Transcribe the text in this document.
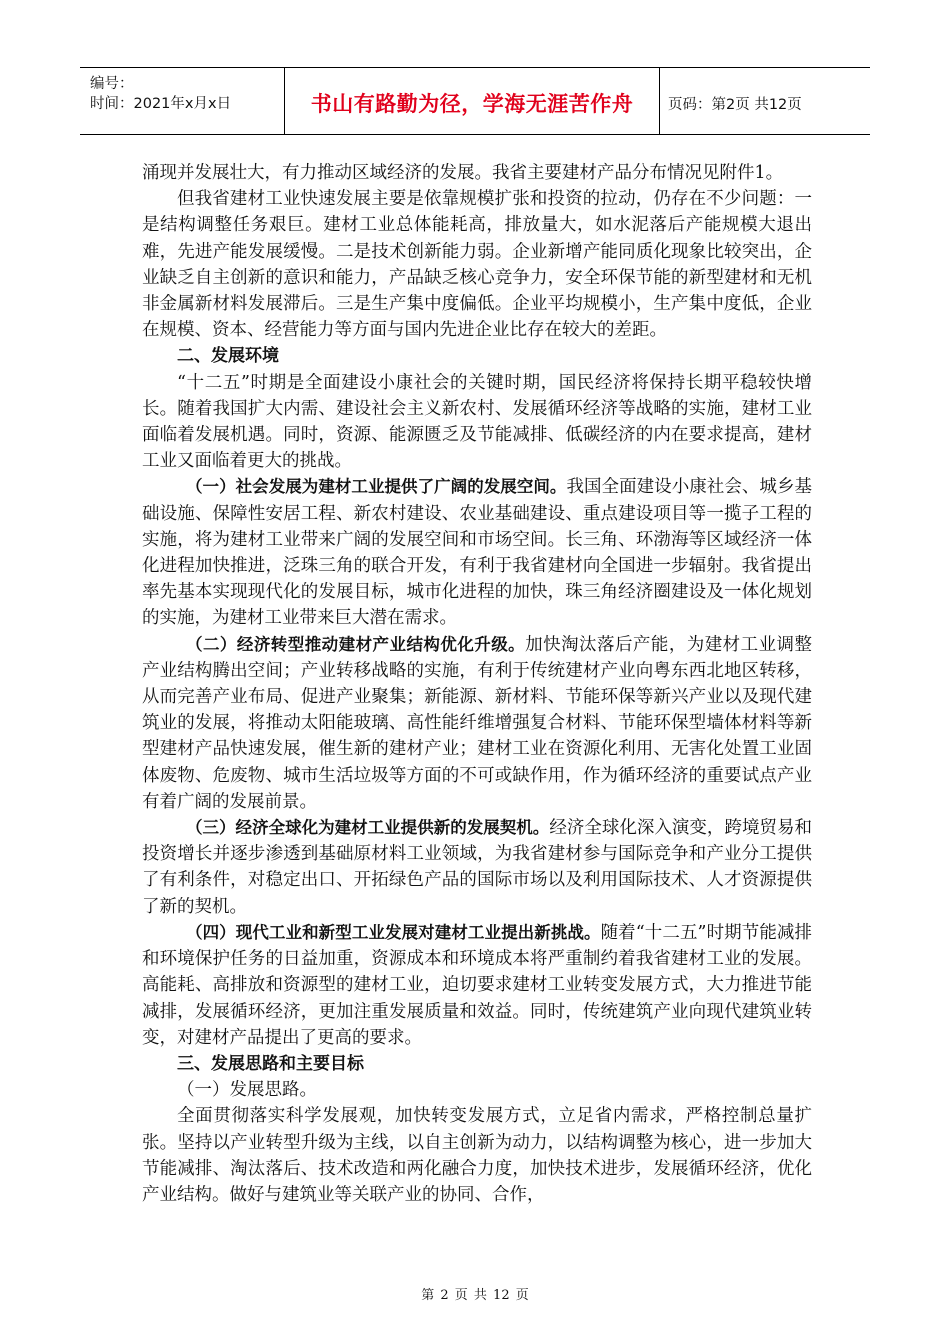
编号：
时间：2021年x月x日	书山有路勤为径，学海无涯苦作舟 页码：第2页 共12页

涌现并发展壮大，有力推动区域经济的发展。我省主要建材产品分布情况见附件1。

但我省建材工业快速发展主要是依靠规模扩张和投资的拉动，仍存在不少问题：一是结构调整任务艰巨。建材工业总体能耗高，排放量大，如水泥落后产能规模大退出难，先进产能发展缓慢。二是技术创新能力弱。企业新增产能同质化现象比较突出，企业缺乏自主创新的意识和能力，产品缺乏核心竞争力，安全环保节能的新型建材和无机非金属新材料发展滞后。三是生产集中度偏低。企业平均规模小，生产集中度低，企业在规模、资本、经营能力等方面与国内先进企业比存在较大的差距。

二、发展环境

“十二五”时期是全面建设小康社会的关键时期，国民经济将保持长期平稳较快增长。随着我国扩大内需、建设社会主义新农村、发展循环经济等战略的实施，建材工业面临着发展机遇。同时，资源、能源匮乏及节能减排、低碳经济的内在要求提高，建材工业又面临着更大的挑战。

（一）社会发展为建材工业提供了广阔的发展空间。我国全面建设小康社会、城乡基础设施、保障性安居工程、新农村建设、农业基础建设、重点建设项目等一揽子工程的实施，将为建材工业带来广阔的发展空间和市场空间。长三角、环渤海等区域经济一体化进程加快推进，泛珠三角的联合开发，有利于我省建材向全国进一步辐射。我省提出率先基本实现现代化的发展目标，城市化进程的加快，珠三角经济圈建设及一体化规划的实施，为建材工业带来巨大潜在需求。

（二）经济转型推动建材产业结构优化升级。加快淘汰落后产能，为建材工业调整产业结构腾出空间；产业转移战略的实施，有利于传统建材产业向粤东西北地区转移，从而完善产业布局、促进产业聚集；新能源、新材料、节能环保等新兴产业以及现代建筑业的发展，将推动太阳能玻璃、高性能纤维增强复合材料、节能环保型墙体材料等新型建材产品快速发展，催生新的建材产业；建材工业在资源化利用、无害化处置工业固体废物、危废物、城市生活垃圾等方面的不可或缺作用，作为循环经济的重要试点产业有着广阔的发展前景。

（三）经济全球化为建材工业提供新的发展契机。经济全球化深入演变，跨境贸易和投资增长并逐步渗透到基础原材料工业领域，为我省建材参与国际竞争和产业分工提供了有利条件，对稳定出口、开拓绿色产品的国际市场以及利用国际技术、人才资源提供了新的契机。

（四）现代工业和新型工业发展对建材工业提出新挑战。随着“十二五”时期节能减排和环境保护任务的日益加重，资源成本和环境成本将严重制约着我省建材工业的发展。高能耗、高排放和资源型的建材工业，迫切要求建材工业转变发展方式，大力推进节能减排，发展循环经济，更加注重发展质量和效益。同时，传统建筑产业向现代建筑业转变，对建材产品提出了更高的要求。

三、发展思路和主要目标
（一）发展思路。

全面贯彻落实科学发展观，加快转变发展方式，立足省内需求，严格控制总量扩张。坚持以产业转型升级为主线，以自主创新为动力，以结构调整为核心，进一步加大节能减排、淘汰落后、技术改造和两化融合力度，加快技术进步，发展循环经济，优化产业结构。做好与建筑业等关联产业的协同、合作，

第 2 页 共 12 页
